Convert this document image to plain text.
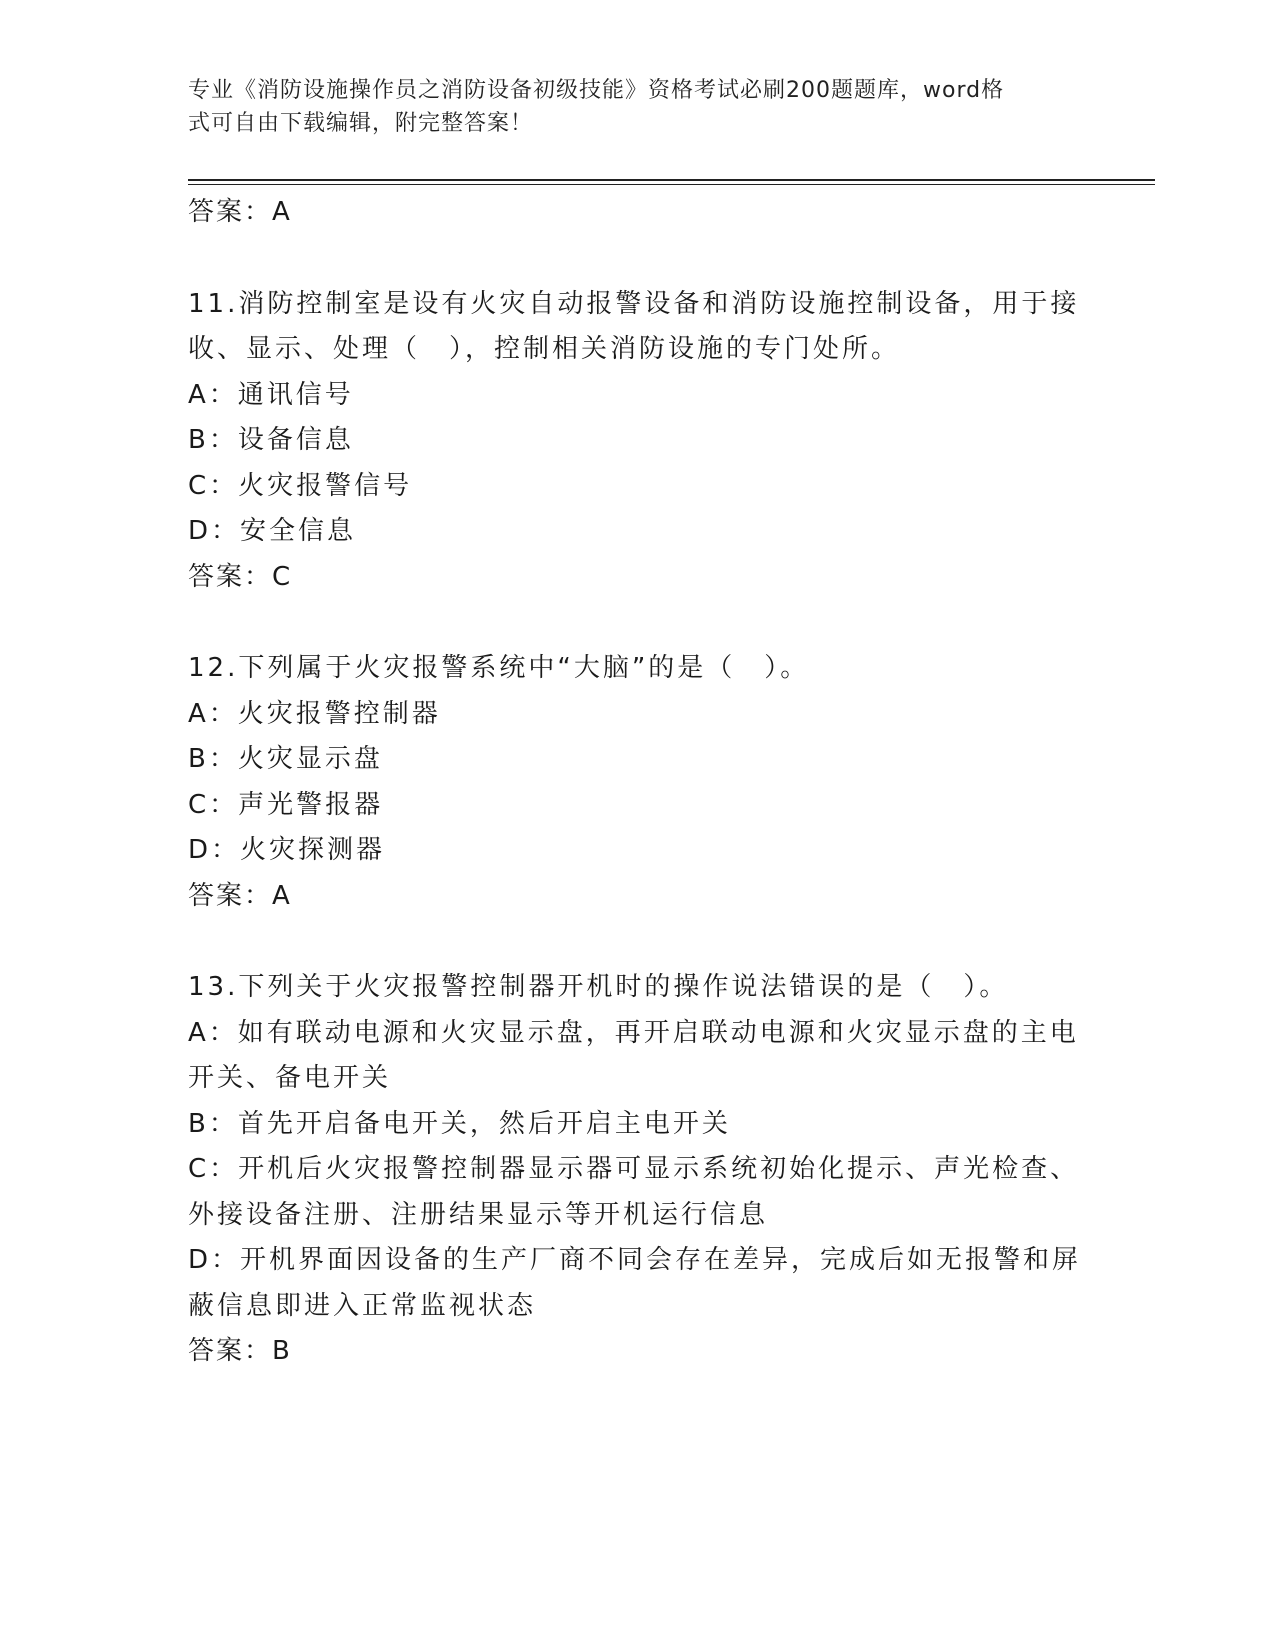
专业《消防设施操作员之消防设备初级技能》资格考试必刷200题题库，word格
式可自由下载编辑，附完整答案！
答案：A
11.消防控制室是设有火灾自动报警设备和消防设施控制设备，用于接
收、显示、处理（　），控制相关消防设施的专门处所。
A：通讯信号
B：设备信息
C：火灾报警信号
D：安全信息
答案：C
12.下列属于火灾报警系统中“大脑”的是（　）。
A：火灾报警控制器
B：火灾显示盘
C：声光警报器
D：火灾探测器
答案：A
13.下列关于火灾报警控制器开机时的操作说法错误的是（　）。
A：如有联动电源和火灾显示盘，再开启联动电源和火灾显示盘的主电
开关、备电开关
B：首先开启备电开关，然后开启主电开关
C：开机后火灾报警控制器显示器可显示系统初始化提示、声光检查、
外接设备注册、注册结果显示等开机运行信息
D：开机界面因设备的生产厂商不同会存在差异，完成后如无报警和屏
蔽信息即进入正常监视状态
答案：B
